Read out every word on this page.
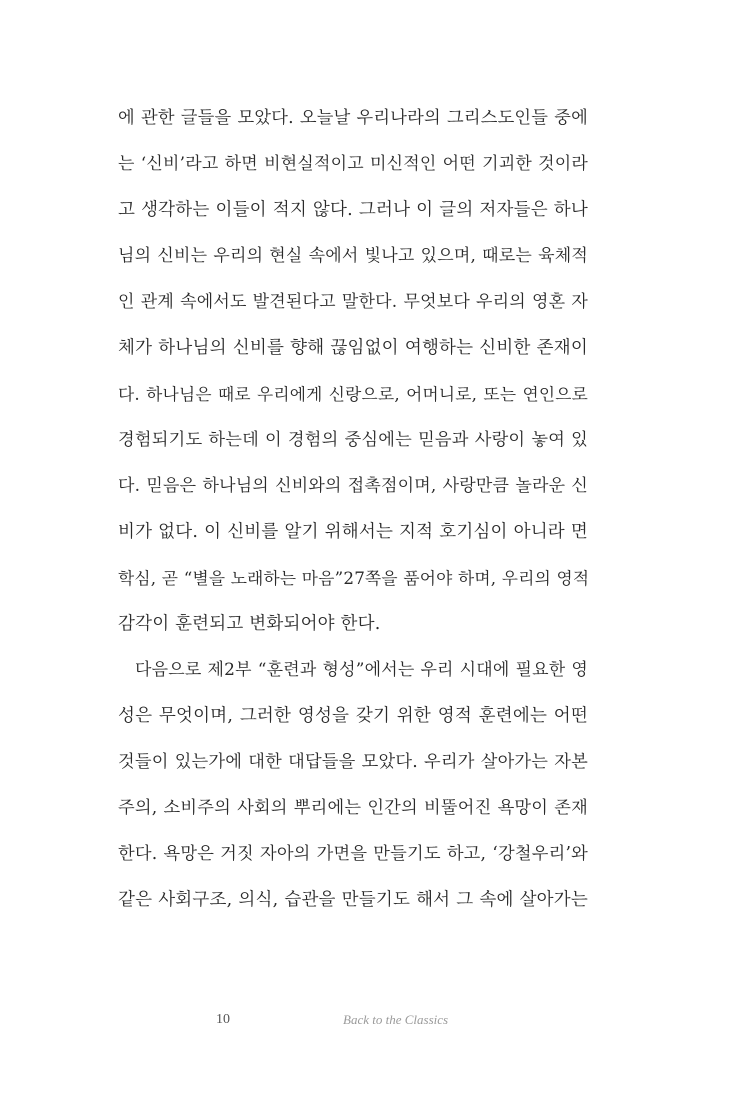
에 관한 글들을 모았다. 오늘날 우리나라의 그리스도인들 중에
는 ‘신비’라고 하면 비현실적이고 미신적인 어떤 기괴한 것이라
고 생각하는 이들이 적지 않다. 그러나 이 글의 저자들은 하나
님의 신비는 우리의 현실 속에서 빛나고 있으며, 때로는 육체적
인 관계 속에서도 발견된다고 말한다. 무엇보다 우리의 영혼 자
체가 하나님의 신비를 향해 끊임없이 여행하는 신비한 존재이
다. 하나님은 때로 우리에게 신랑으로, 어머니로, 또는 연인으로
경험되기도 하는데 이 경험의 중심에는 믿음과 사랑이 놓여 있
다. 믿음은 하나님의 신비와의 접촉점이며, 사랑만큼 놀라운 신
비가 없다. 이 신비를 알기 위해서는 지적 호기심이 아니라 면
학심, 곧 “별을 노래하는 마음”27쪽을 품어야 하며, 우리의 영적
감각이 훈련되고 변화되어야 한다.
다음으로 제2부 “훈련과 형성”에서는 우리 시대에 필요한 영
성은 무엇이며, 그러한 영성을 갖기 위한 영적 훈련에는 어떤
것들이 있는가에 대한 대답들을 모았다. 우리가 살아가는 자본
주의, 소비주의 사회의 뿌리에는 인간의 비뚤어진 욕망이 존재
한다. 욕망은 거짓 자아의 가면을 만들기도 하고, ‘강철우리’와
같은 사회구조, 의식, 습관을 만들기도 해서 그 속에 살아가는
10	Back to the Classics
